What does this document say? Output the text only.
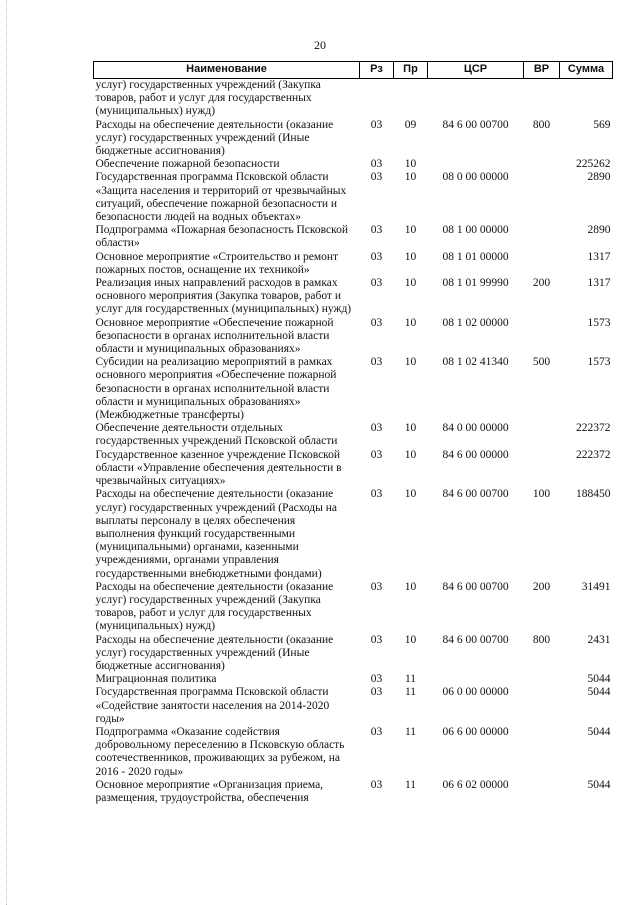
20
Наименование	Рз	Пр	ЦСР	ВР	Сумма
услуг) государственных учреждений (Закупка товаров, работ и услуг для государственных (муниципальных) нужд)					
Расходы на обеспечение деятельности (оказание услуг) государственных учреждений (Иные бюджетные ассигнования)	03	09	84 6 00 00700	800	569
Обеспечение пожарной безопасности	03	10			225262
Государственная программа Псковской области «Защита населения и территорий от чрезвычайных ситуаций, обеспечение пожарной безопасности и безопасности людей на водных объектах»	03	10	08 0 00 00000		2890
Подпрограмма «Пожарная безопасность Псковской области»	03	10	08 1 00 00000		2890
Основное мероприятие «Строительство и ремонт пожарных постов, оснащение их техникой»	03	10	08 1 01 00000		1317
Реализация иных направлений расходов в рамках основного мероприятия (Закупка товаров, работ и услуг для государственных (муниципальных) нужд)	03	10	08 1 01 99990	200	1317
Основное мероприятие «Обеспечение пожарной безопасности в органах исполнительной власти области и муниципальных образованиях»	03	10	08 1 02 00000		1573
Субсидии на реализацию мероприятий в рамках основного мероприятия «Обеспечение пожарной безопасности в органах исполнительной власти области и муниципальных образованиях» (Межбюджетные трансферты)	03	10	08 1 02 41340	500	1573
Обеспечение деятельности отдельных государственных учреждений Псковской области	03	10	84 0 00 00000		222372
Государственное казенное учреждение Псковской области «Управление обеспечения деятельности в чрезвычайных ситуациях»	03	10	84 6 00 00000		222372
Расходы на обеспечение деятельности (оказание услуг) государственных учреждений (Расходы на выплаты персоналу в целях обеспечения выполнения функций государственными (муниципальными) органами, казенными учреждениями, органами управления государственными внебюджетными фондами)	03	10	84 6 00 00700	100	188450
Расходы на обеспечение деятельности (оказание услуг) государственных учреждений (Закупка товаров, работ и услуг для государственных (муниципальных) нужд)	03	10	84 6 00 00700	200	31491
Расходы на обеспечение деятельности (оказание услуг) государственных учреждений (Иные бюджетные ассигнования)	03	10	84 6 00 00700	800	2431
Миграционная политика	03	11			5044
Государственная программа Псковской области «Содействие занятости населения на 2014-2020 годы»	03	11	06 0 00 00000		5044
Подпрограмма «Оказание содействия добровольному переселению в Псковскую область соотечественников, проживающих за рубежом, на 2016 - 2020 годы»	03	11	06 6 00 00000		5044
Основное мероприятие «Организация приема, размещения, трудоустройства, обеспечения	03	11	06 6 02 00000		5044
